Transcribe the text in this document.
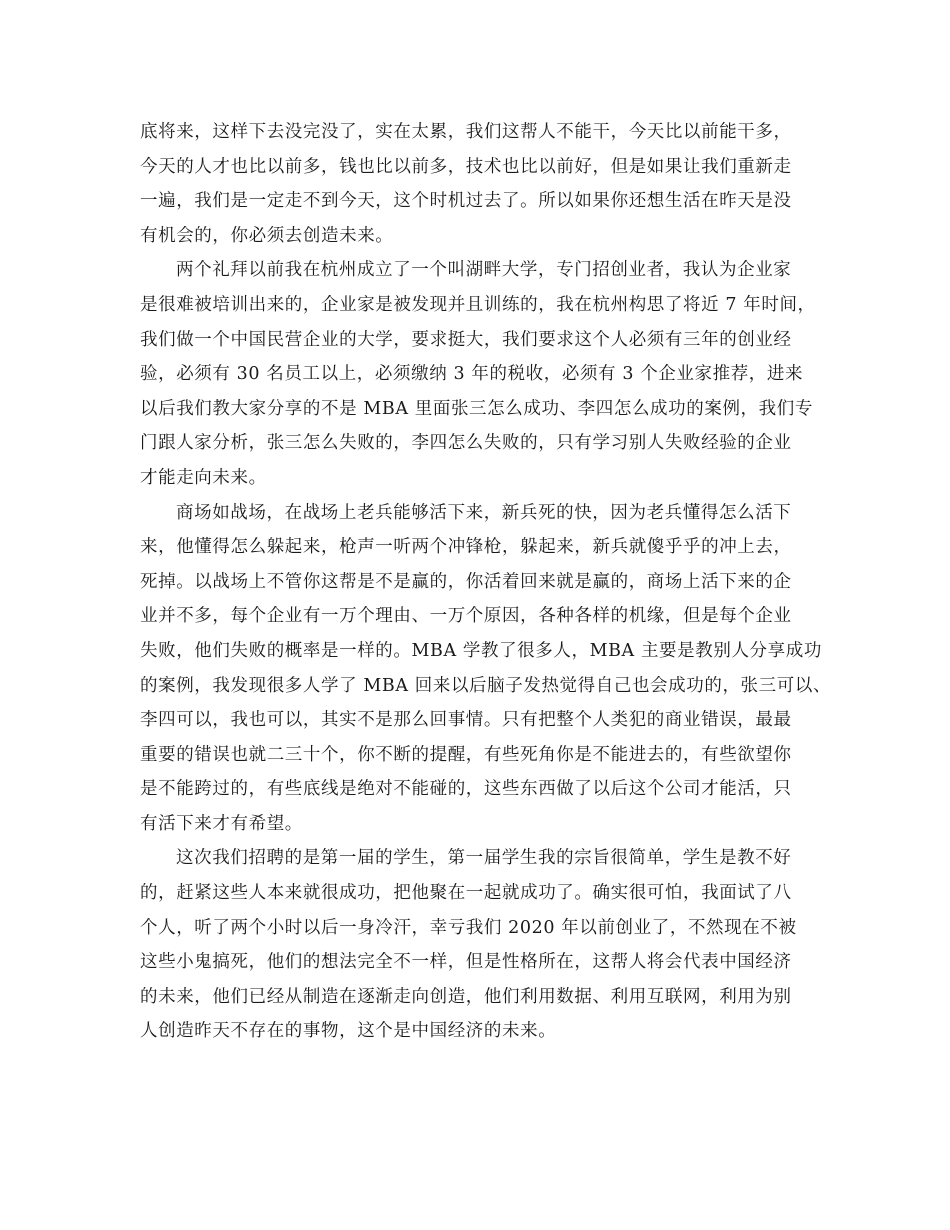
底将来，这样下去没完没了，实在太累，我们这帮人不能干，今天比以前能干多，
今天的人才也比以前多，钱也比以前多，技术也比以前好，但是如果让我们重新走
一遍，我们是一定走不到今天，这个时机过去了。所以如果你还想生活在昨天是没
有机会的，你必须去创造未来。
两个礼拜以前我在杭州成立了一个叫湖畔大学，专门招创业者，我认为企业家
是很难被培训出来的，企业家是被发现并且训练的，我在杭州构思了将近 7 年时间，
我们做一个中国民营企业的大学，要求挺大，我们要求这个人必须有三年的创业经
验，必须有 30 名员工以上，必须缴纳 3 年的税收，必须有 3 个企业家推荐，进来
以后我们教大家分享的不是 MBA 里面张三怎么成功、李四怎么成功的案例，我们专
门跟人家分析，张三怎么失败的，李四怎么失败的，只有学习别人失败经验的企业
才能走向未来。
商场如战场，在战场上老兵能够活下来，新兵死的快，因为老兵懂得怎么活下
来，他懂得怎么躲起来，枪声一听两个冲锋枪，躲起来，新兵就傻乎乎的冲上去，
死掉。以战场上不管你这帮是不是赢的，你活着回来就是赢的，商场上活下来的企
业并不多，每个企业有一万个理由、一万个原因，各种各样的机缘，但是每个企业
失败，他们失败的概率是一样的。MBA 学教了很多人，MBA 主要是教别人分享成功
的案例，我发现很多人学了 MBA 回来以后脑子发热觉得自己也会成功的，张三可以、
李四可以，我也可以，其实不是那么回事情。只有把整个人类犯的商业错误，最最
重要的错误也就二三十个，你不断的提醒，有些死角你是不能进去的，有些欲望你
是不能跨过的，有些底线是绝对不能碰的，这些东西做了以后这个公司才能活，只
有活下来才有希望。
这次我们招聘的是第一届的学生，第一届学生我的宗旨很简单，学生是教不好
的，赶紧这些人本来就很成功，把他聚在一起就成功了。确实很可怕，我面试了八
个人，听了两个小时以后一身冷汗，幸亏我们 2020 年以前创业了，不然现在不被
这些小鬼搞死，他们的想法完全不一样，但是性格所在，这帮人将会代表中国经济
的未来，他们已经从制造在逐渐走向创造，他们利用数据、利用互联网，利用为别
人创造昨天不存在的事物，这个是中国经济的未来。
